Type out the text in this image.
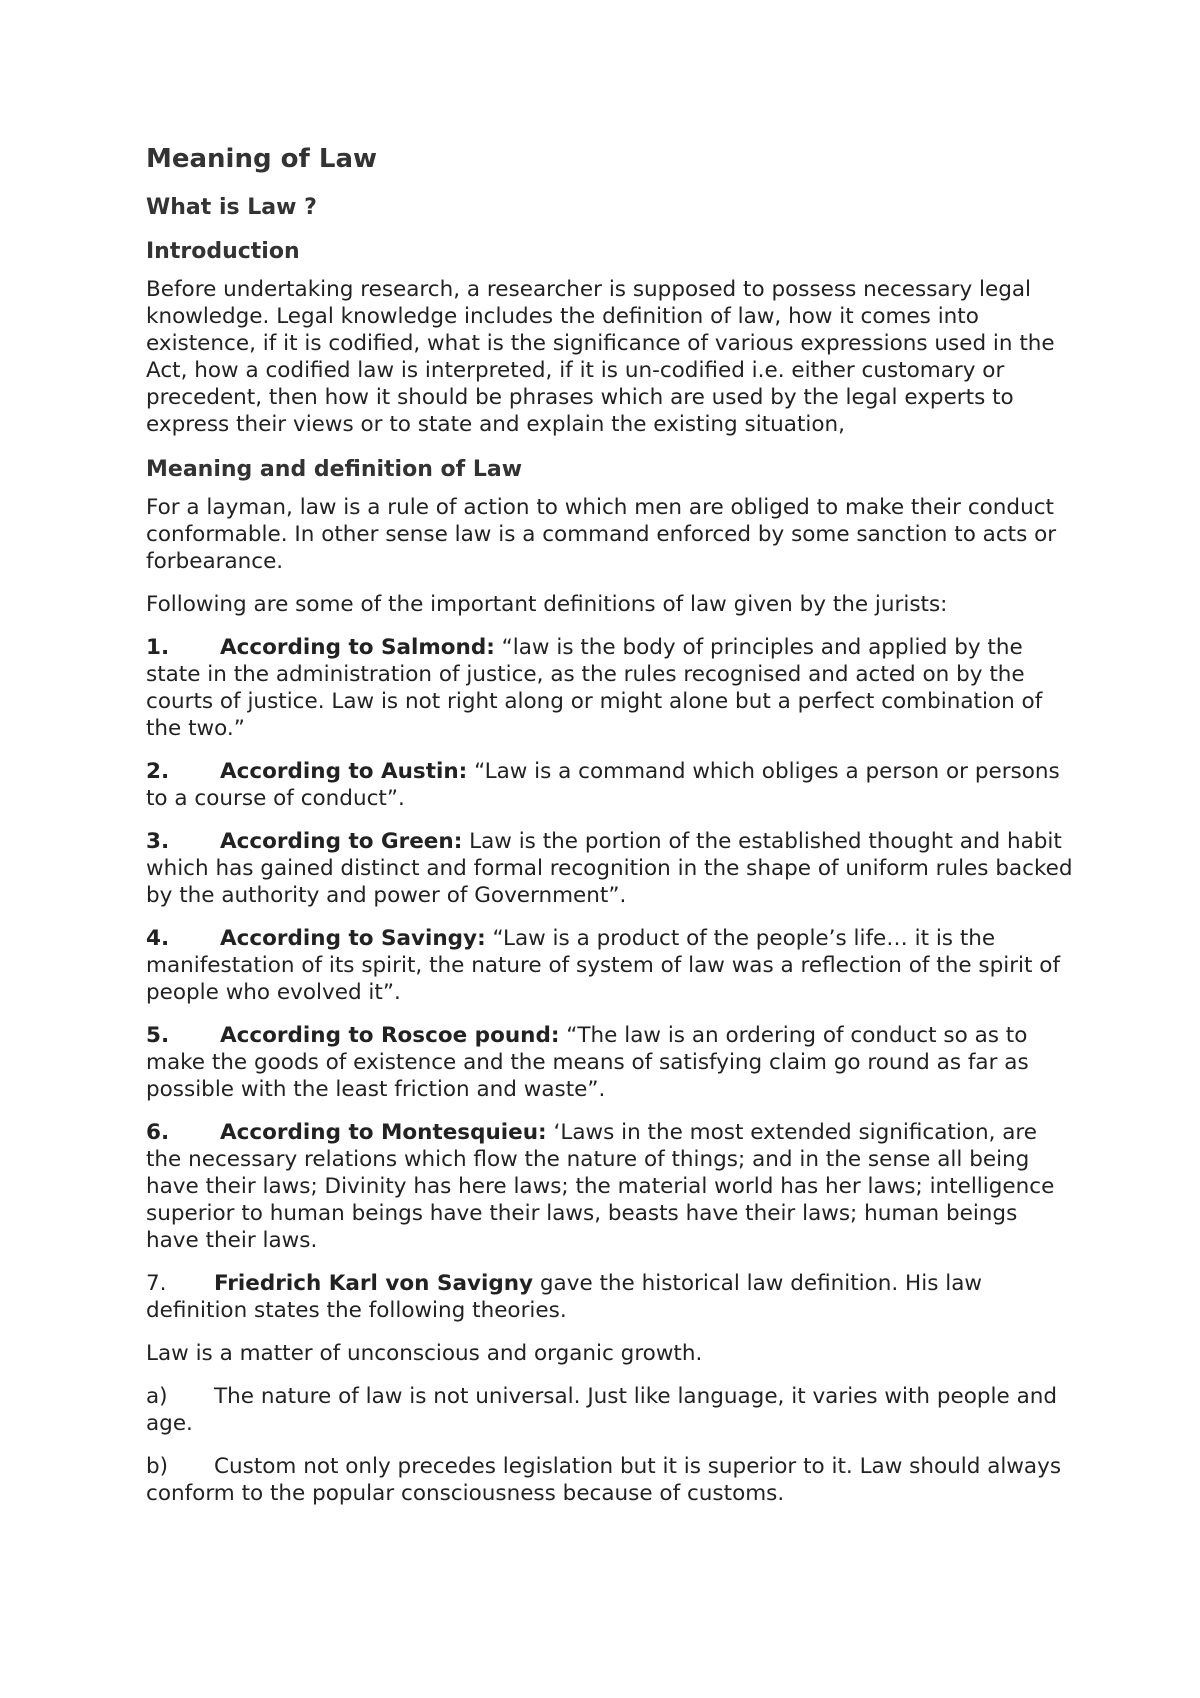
Meaning of Law
What is Law ?
Introduction

Before undertaking research, a researcher is supposed to possess necessary legal knowledge. Legal knowledge includes the definition of law, how it comes into existence, if it is codified, what is the significance of various expressions used in the Act, how a codified law is interpreted, if it is un-codified i.e. either customary or precedent, then how it should be phrases which are used by the legal experts to express their views or to state and explain the existing situation,

Meaning and definition of Law

For a layman, law is a rule of action to which men are obliged to make their conduct conformable. In other sense law is a command enforced by some sanction to acts or forbearance.

Following are some of the important definitions of law given by the jurists:

1. According to Salmond: “law is the body of principles and applied by the state in the administration of justice, as the rules recognised and acted on by the courts of justice. Law is not right along or might alone but a perfect combination of the two.”
2. According to Austin: “Law is a command which obliges a person or persons to a course of conduct”.
3. According to Green: Law is the portion of the established thought and habit which has gained distinct and formal recognition in the shape of uniform rules backed by the authority and power of Government”.
4. According to Savingy: “Law is a product of the people’s life… it is the manifestation of its spirit, the nature of system of law was a reflection of the spirit of people who evolved it”.
5. According to Roscoe pound: “The law is an ordering of conduct so as to make the goods of existence and the means of satisfying claim go round as far as possible with the least friction and waste”.
6. According to Montesquieu: ‘Laws in the most extended signification, are the necessary relations which flow the nature of things; and in the sense all being have their laws; Divinity has here laws; the material world has her laws; intelligence superior to human beings have their laws, beasts have their laws; human beings have their laws.
7. Friedrich Karl von Savigny gave the historical law definition. His law definition states the following theories.

Law is a matter of unconscious and organic growth.

a) The nature of law is not universal. Just like language, it varies with people and age.
b) Custom not only precedes legislation but it is superior to it. Law should always conform to the popular consciousness because of customs.
